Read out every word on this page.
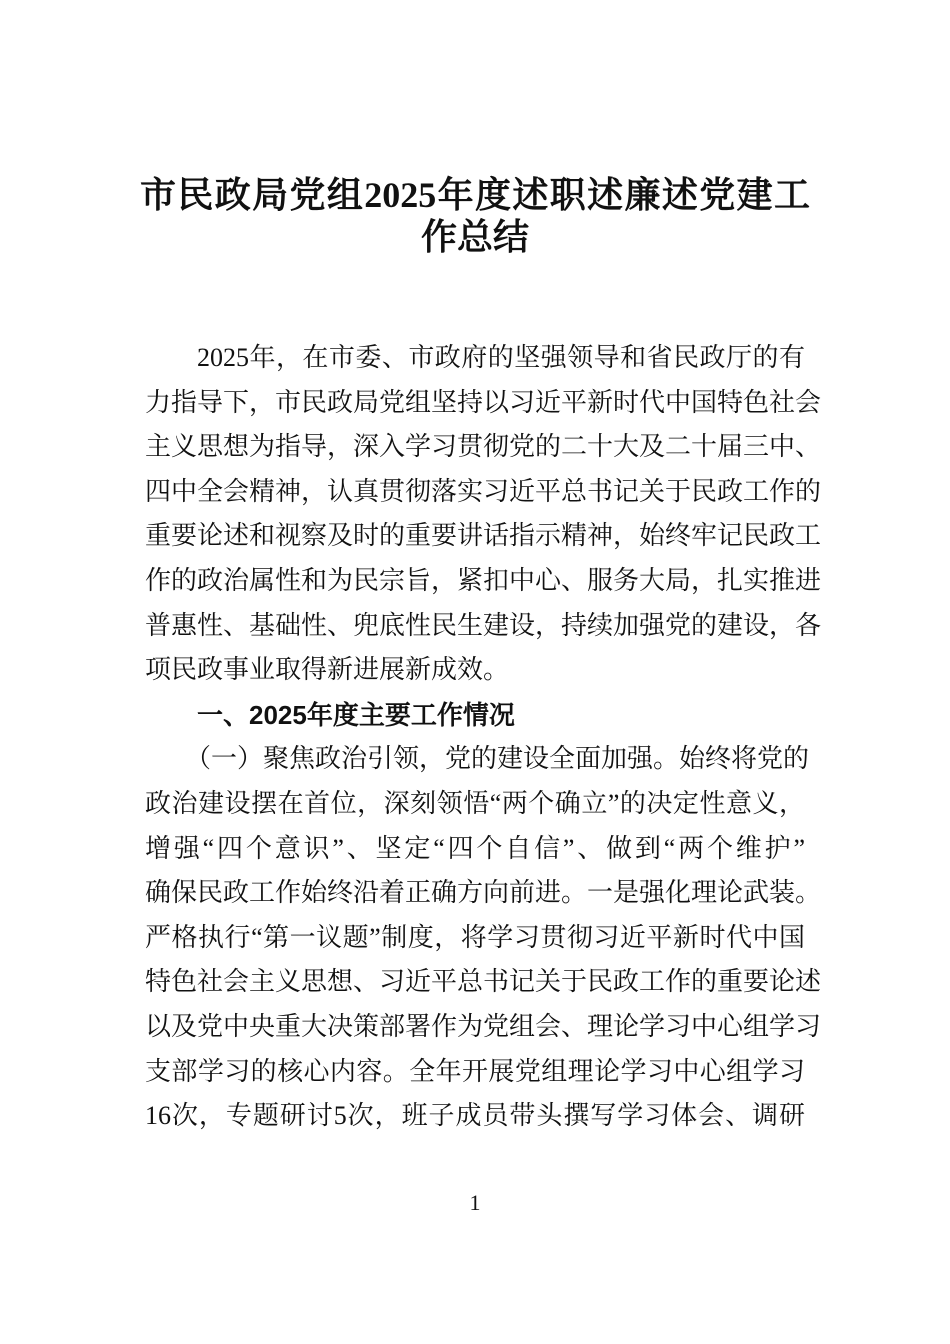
市民政局党组2025年度述职述廉述党建工
作总结
2025年，在市委、市政府的坚强领导和省民政厅的有
力指导下，市民政局党组坚持以习近平新时代中国特色社会
主义思想为指导，深入学习贯彻党的二十大及二十届三中、
四中全会精神，认真贯彻落实习近平总书记关于民政工作的
重要论述和视察及时的重要讲话指示精神，始终牢记民政工
作的政治属性和为民宗旨，紧扣中心、服务大局，扎实推进
普惠性、基础性、兜底性民生建设，持续加强党的建设，各
项民政事业取得新进展新成效。
一、2025年度主要工作情况
（一）聚焦政治引领，党的建设全面加强。始终将党的
政治建设摆在首位，深刻领悟“两个确立”的决定性意义，
增强“四个意识”、坚定“四个自信”、做到“两个维护”
确保民政工作始终沿着正确方向前进。一是强化理论武装。
严格执行“第一议题”制度，将学习贯彻习近平新时代中国
特色社会主义思想、习近平总书记关于民政工作的重要论述
以及党中央重大决策部署作为党组会、理论学习中心组学习
支部学习的核心内容。全年开展党组理论学习中心组学习
16次，专题研讨5次，班子成员带头撰写学习体会、调研
1
